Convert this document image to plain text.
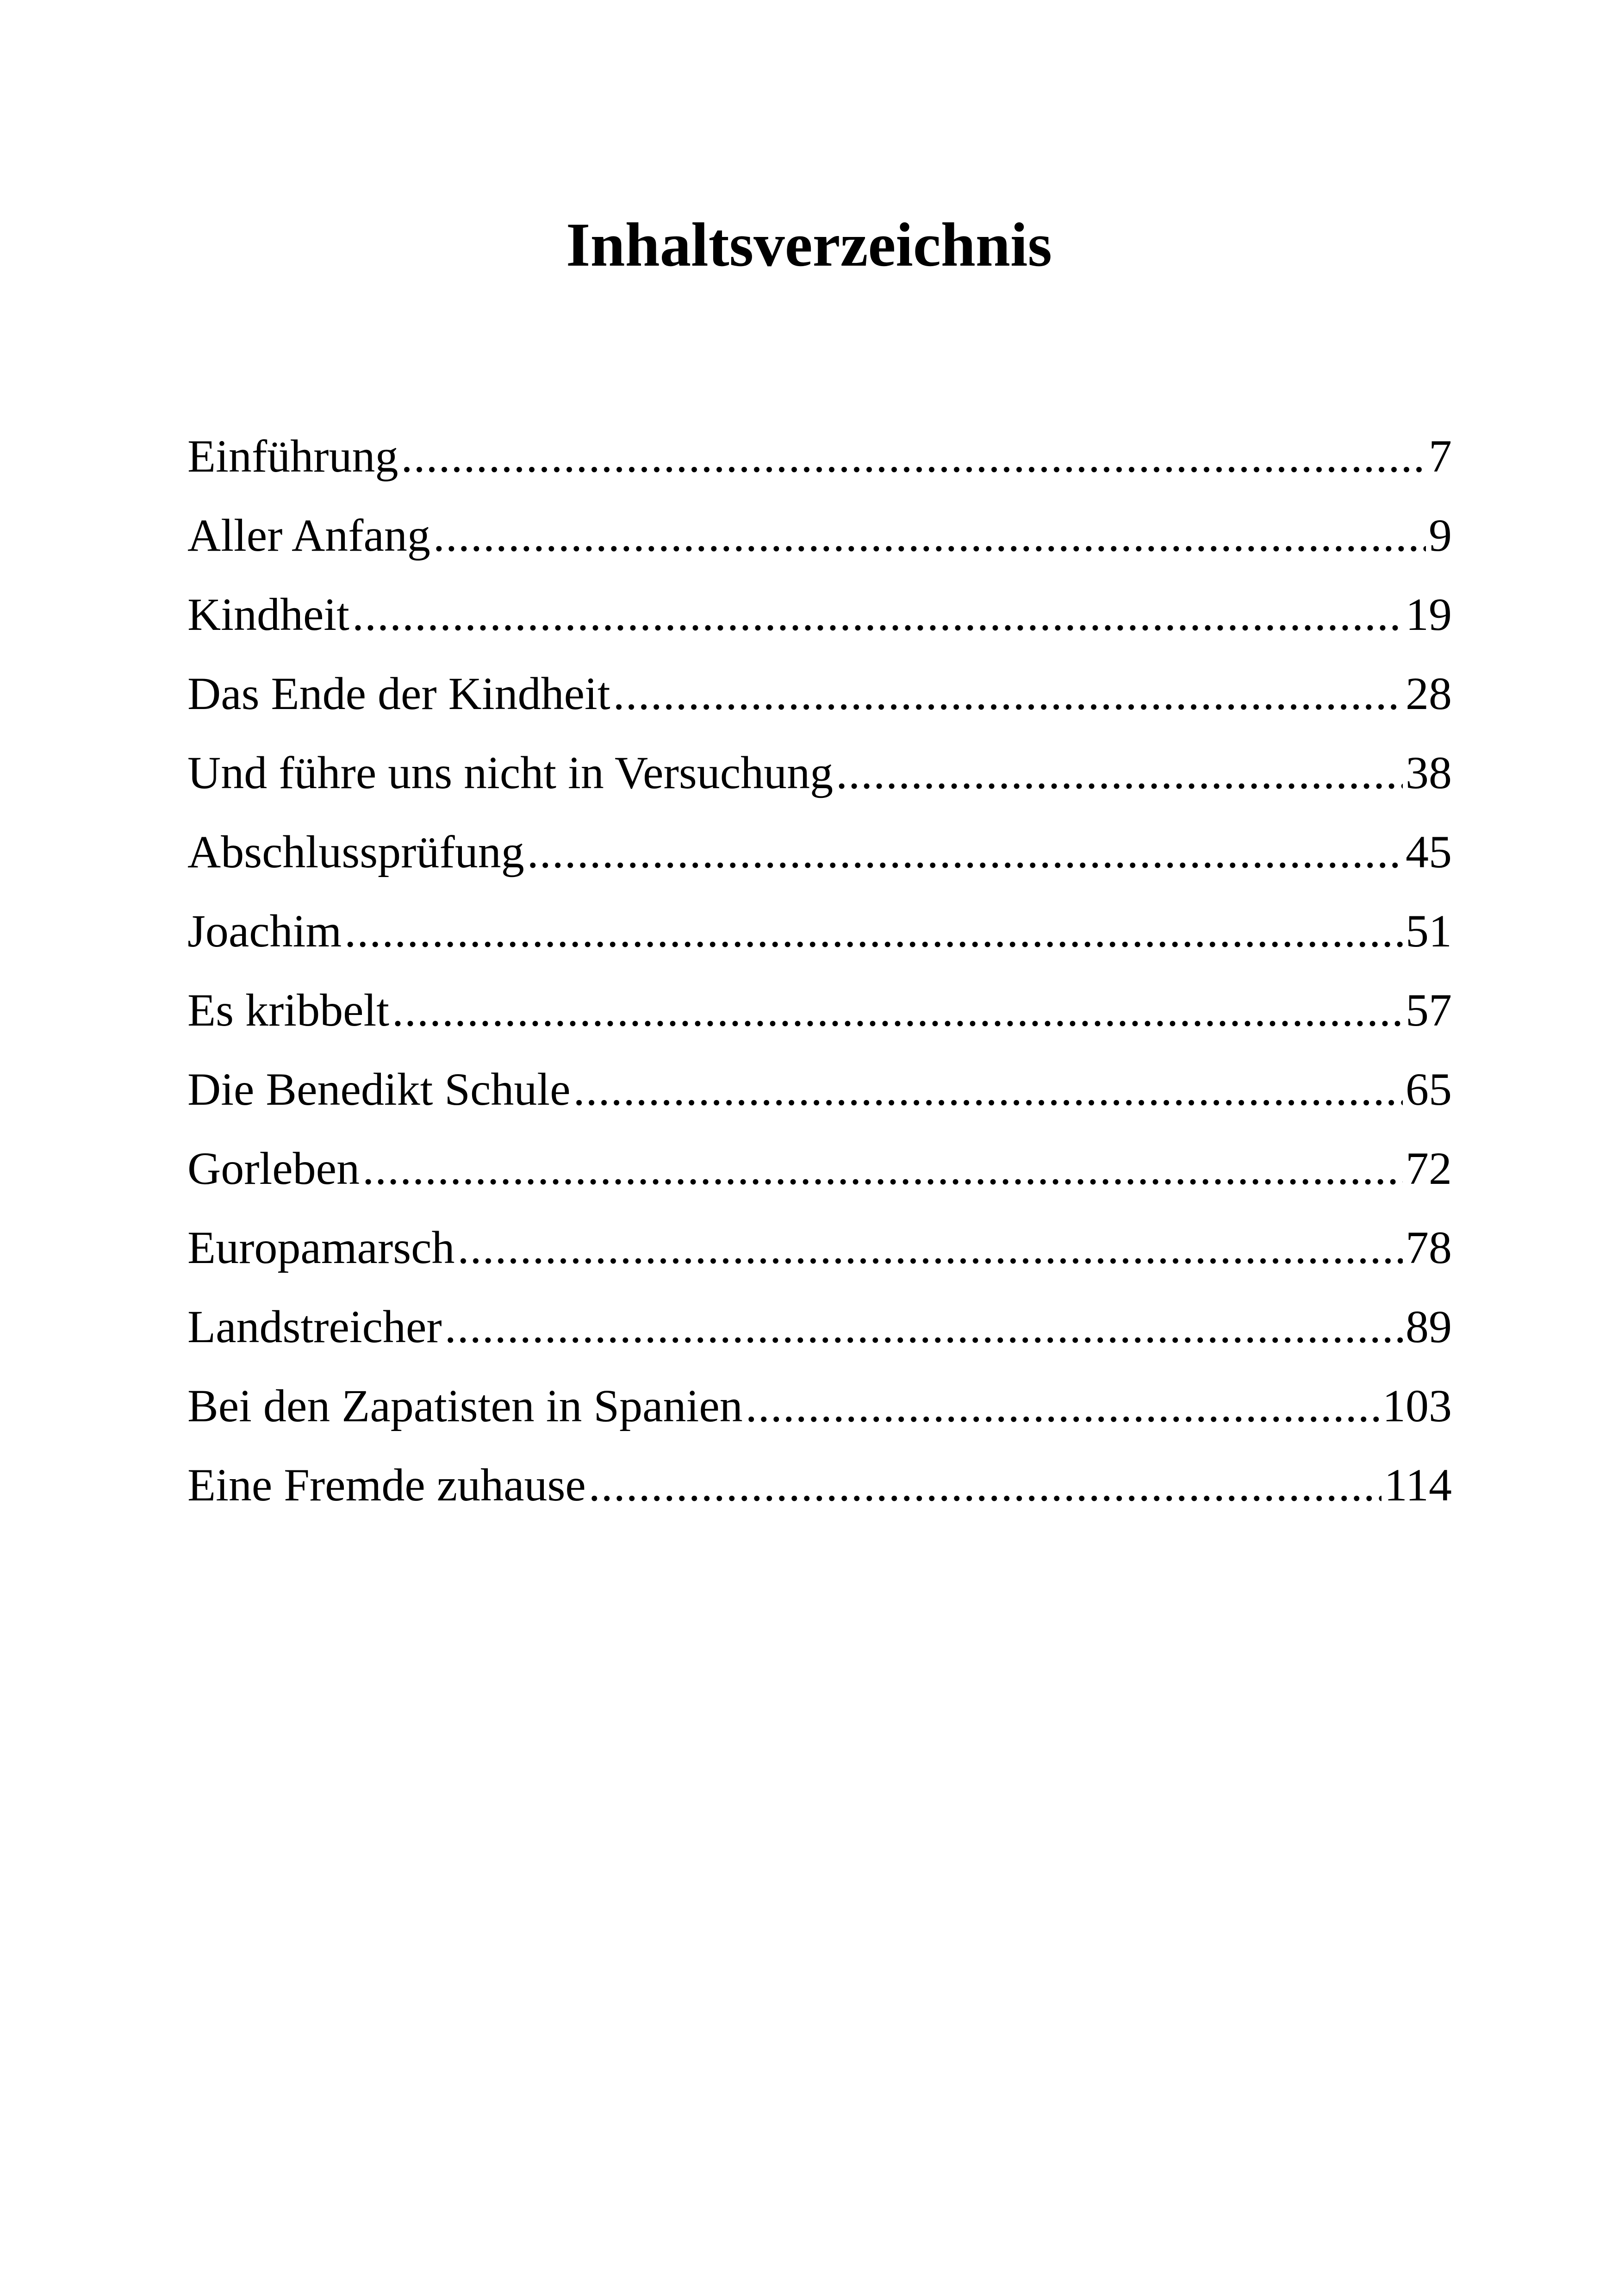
Inhaltsverzeichnis
Einführung .....	7
Aller Anfang .....	9
Kindheit .....	19
Das Ende der Kindheit .....	28
Und führe uns nicht in Versuchung .....	38
Abschlussprüfung .....	45
Joachim .....	51
Es kribbelt .....	57
Die Benedikt Schule .....	65
Gorleben .....	72
Europamarsch .....	78
Landstreicher .....	89
Bei den Zapatisten in Spanien .....	103
Eine Fremde zuhause .....	114
